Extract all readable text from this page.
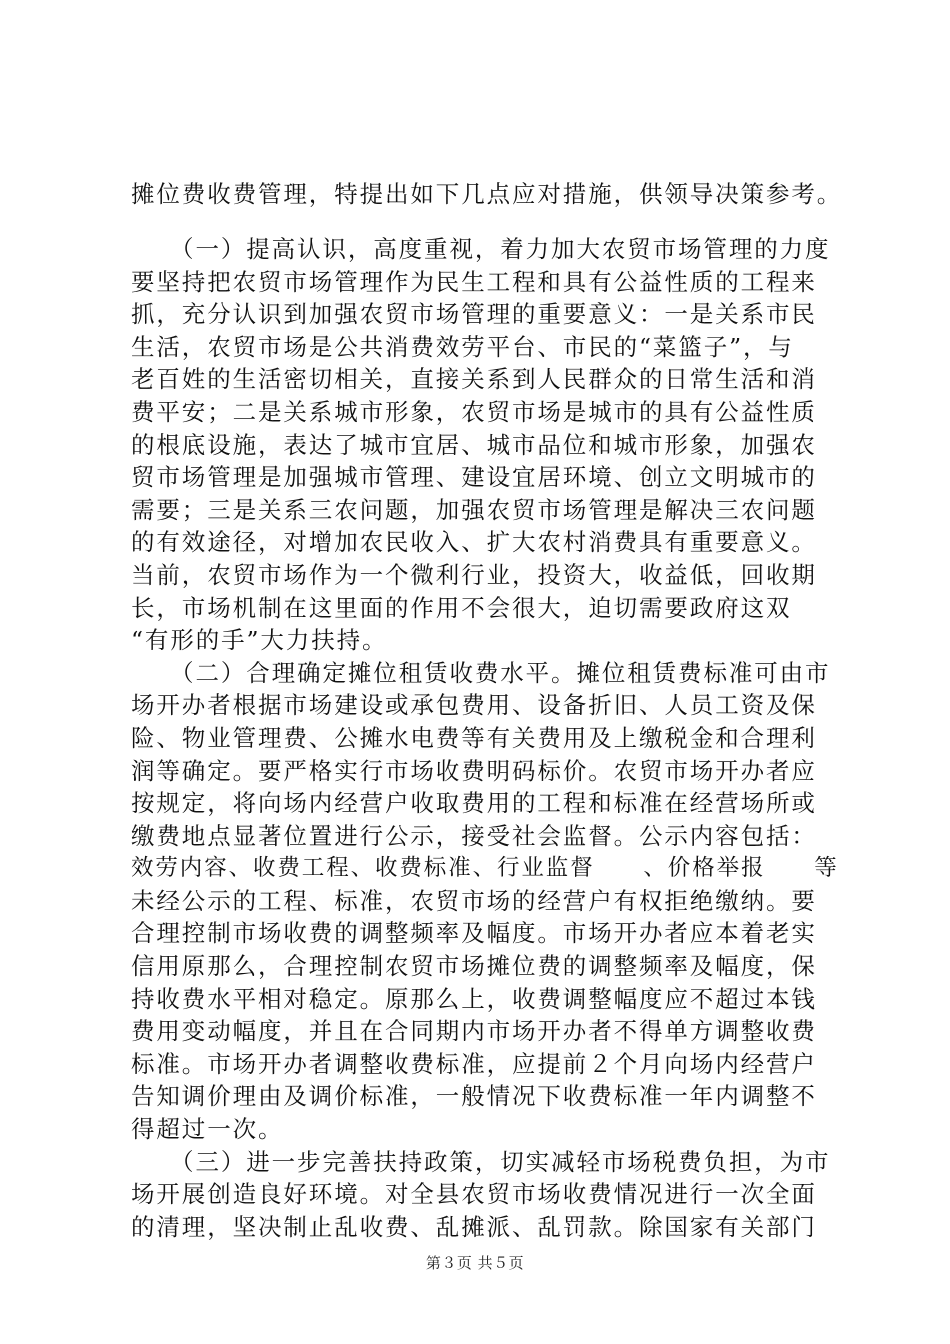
摊位费收费管理，特提出如下几点应对措施，供领导决策参考。
　　（一）提高认识，高度重视，着力加大农贸市场管理的力度
要坚持把农贸市场管理作为民生工程和具有公益性质的工程来
抓，充分认识到加强农贸市场管理的重要意义：一是关系市民
生活，农贸市场是公共消费效劳平台、市民的“菜篮子”，与
老百姓的生活密切相关，直接关系到人民群众的日常生活和消
费平安；二是关系城市形象，农贸市场是城市的具有公益性质
的根底设施，表达了城市宜居、城市品位和城市形象，加强农
贸市场管理是加强城市管理、建设宜居环境、创立文明城市的
需要；三是关系三农问题，加强农贸市场管理是解决三农问题
的有效途径，对增加农民收入、扩大农村消费具有重要意义。
当前，农贸市场作为一个微利行业，投资大，收益低，回收期
长，市场机制在这里面的作用不会很大，迫切需要政府这双
“有形的手”大力扶持。
　　（二）合理确定摊位租赁收费水平。摊位租赁费标准可由市
场开办者根据市场建设或承包费用、设备折旧、人员工资及保
险、物业管理费、公摊水电费等有关费用及上缴税金和合理利
润等确定。要严格实行市场收费明码标价。农贸市场开办者应
按规定，将向场内经营户收取费用的工程和标准在经营场所或
缴费地点显著位置进行公示，接受社会监督。公示内容包括：
效劳内容、收费工程、收费标准、行业监督　　、价格举报　　等
未经公示的工程、标准，农贸市场的经营户有权拒绝缴纳。要
合理控制市场收费的调整频率及幅度。市场开办者应本着老实
信用原那么，合理控制农贸市场摊位费的调整频率及幅度，保
持收费水平相对稳定。原那么上，收费调整幅度应不超过本钱
费用变动幅度，并且在合同期内市场开办者不得单方调整收费
标准。市场开办者调整收费标准，应提前２个月向场内经营户
告知调价理由及调价标准，一般情况下收费标准一年内调整不
得超过一次。
　　（三）进一步完善扶持政策，切实减轻市场税费负担，为市
场开展创造良好环境。对全县农贸市场收费情况进行一次全面
的清理，坚决制止乱收费、乱摊派、乱罚款。除国家有关部门
第３页 共５页
